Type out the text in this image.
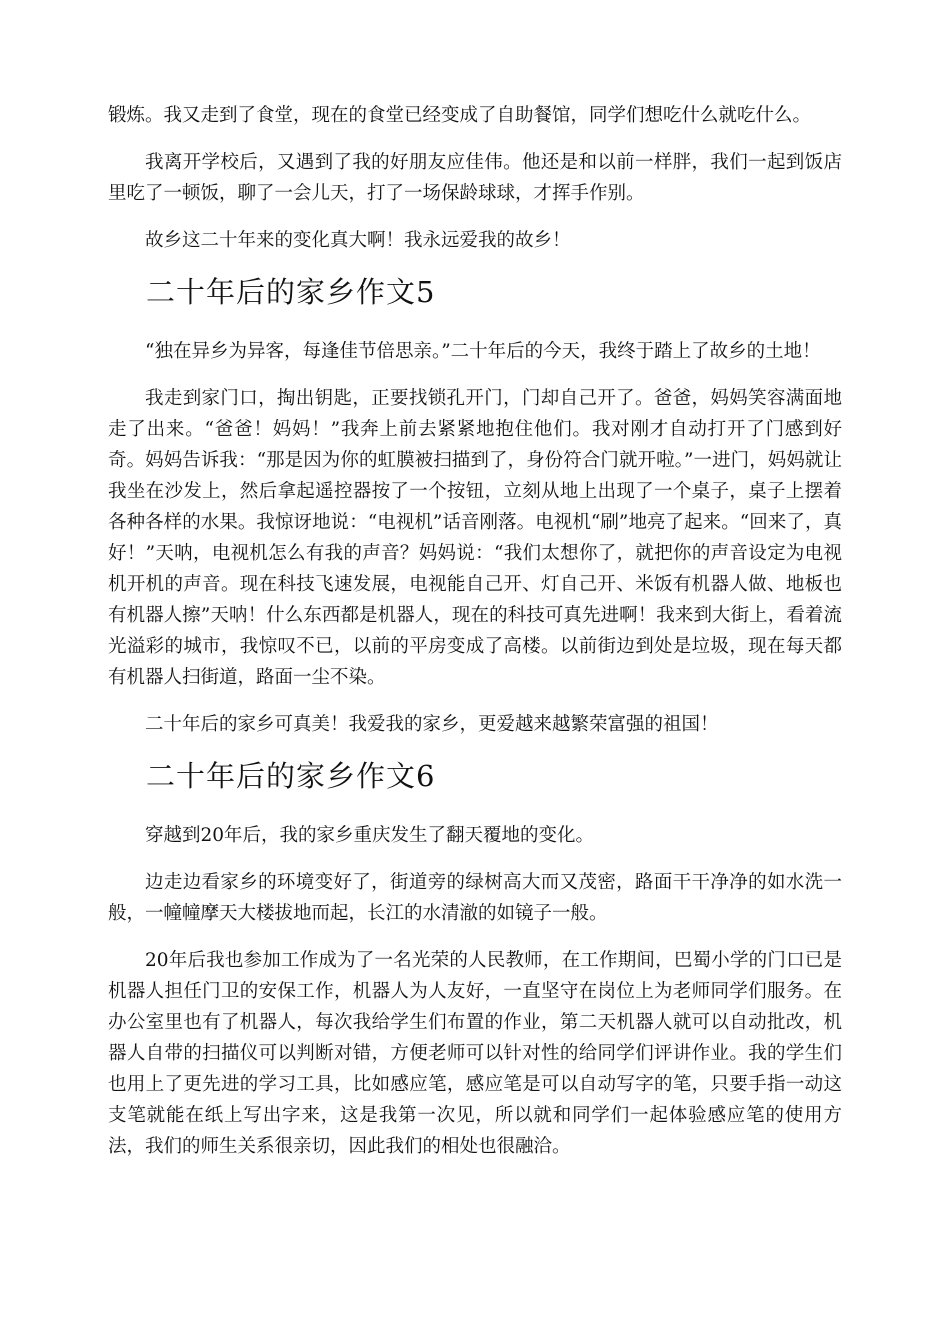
锻炼。我又走到了食堂，现在的食堂已经变成了自助餐馆，同学们想吃什么就吃什么。

我离开学校后，又遇到了我的好朋友应佳伟。他还是和以前一样胖，我们一起到饭店里吃了一顿饭，聊了一会儿天，打了一场保龄球球，才挥手作别。

故乡这二十年来的变化真大啊！我永远爱我的故乡！

二十年后的家乡作文5

“独在异乡为异客，每逢佳节倍思亲。”二十年后的今天，我终于踏上了故乡的土地！

我走到家门口，掏出钥匙，正要找锁孔开门，门却自己开了。爸爸，妈妈笑容满面地走了出来。“爸爸！妈妈！”我奔上前去紧紧地抱住他们。我对刚才自动打开了门感到好奇。妈妈告诉我：“那是因为你的虹膜被扫描到了，身份符合门就开啦。”一进门，妈妈就让我坐在沙发上，然后拿起遥控器按了一个按钮，立刻从地上出现了一个桌子，桌子上摆着各种各样的水果。我惊讶地说：“电视机”话音刚落。电视机“刷”地亮了起来。“回来了，真好！”天呐，电视机怎么有我的声音？妈妈说：“我们太想你了，就把你的声音设定为电视机开机的声音。现在科技飞速发展，电视能自己开、灯自己开、米饭有机器人做、地板也有机器人擦”天呐！什么东西都是机器人，现在的科技可真先进啊！我来到大街上，看着流光溢彩的城市，我惊叹不已，以前的平房变成了高楼。以前街边到处是垃圾，现在每天都有机器人扫街道，路面一尘不染。

二十年后的家乡可真美！我爱我的家乡，更爱越来越繁荣富强的祖国！

二十年后的家乡作文6

穿越到20年后，我的家乡重庆发生了翻天覆地的变化。

边走边看家乡的环境变好了，街道旁的绿树高大而又茂密，路面干干净净的如水洗一般，一幢幢摩天大楼拔地而起，长江的水清澈的如镜子一般。

20年后我也参加工作成为了一名光荣的人民教师，在工作期间，巴蜀小学的门口已是机器人担任门卫的安保工作，机器人为人友好，一直坚守在岗位上为老师同学们服务。在办公室里也有了机器人，每次我给学生们布置的作业，第二天机器人就可以自动批改，机器人自带的扫描仪可以判断对错，方便老师可以针对性的给同学们评讲作业。我的学生们也用上了更先进的学习工具，比如感应笔，感应笔是可以自动写字的笔，只要手指一动这支笔就能在纸上写出字来，这是我第一次见，所以就和同学们一起体验感应笔的使用方法，我们的师生关系很亲切，因此我们的相处也很融洽。
